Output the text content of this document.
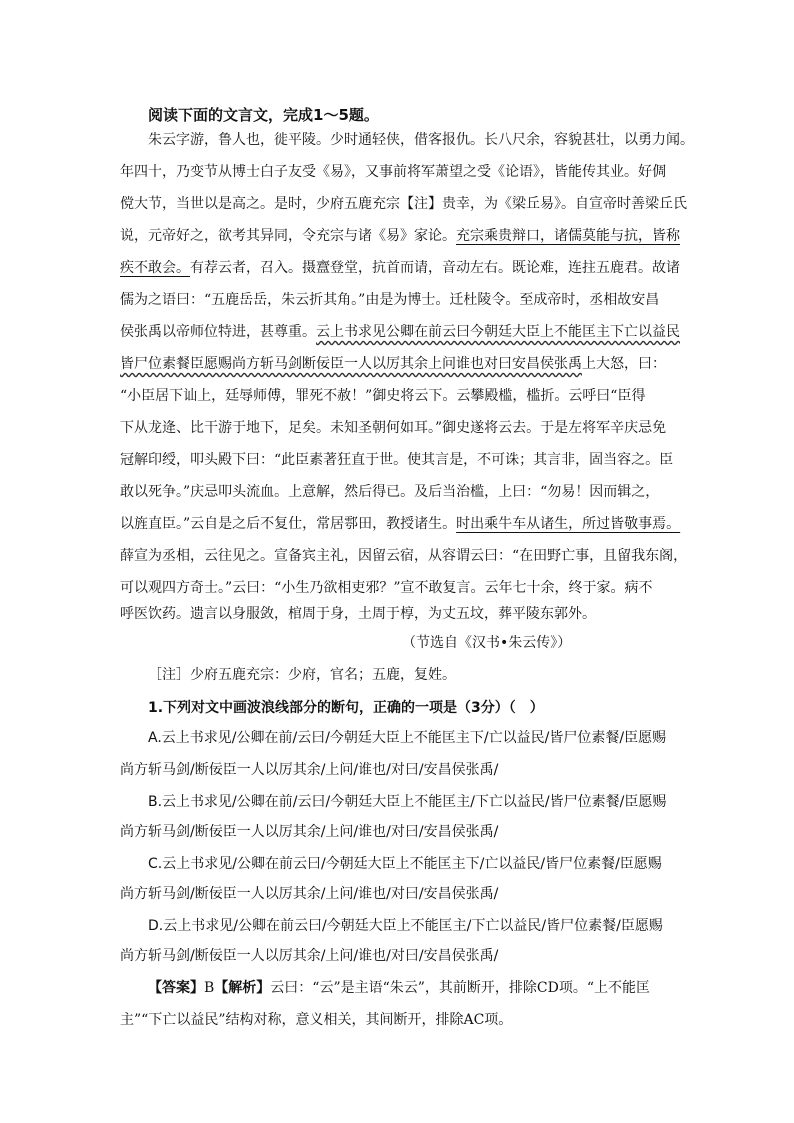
阅读下面的文言文，完成1～5题。
朱云字游，鲁人也，徙平陵。少时通轻侠，借客报仇。长八尺余，容貌甚壮，以勇力闻。
年四十，乃变节从博士白子友受《易》，又事前将军萧望之受《论语》，皆能传其业。好倜
傥大节，当世以是高之。是时，少府五鹿充宗【注】贵幸，为《梁丘易》。自宣帝时善梁丘氏
说，元帝好之，欲考其异同，令充宗与诸《易》家论。充宗乘贵辩口，诸儒莫能与抗，皆称
疾不敢会。有荐云者，召入。摄齍登堂，抗首而请，音动左右。既论难，连拄五鹿君。故诸
儒为之语曰：“五鹿岳岳，朱云折其角。”由是为博士。迁杜陵令。至成帝时，丞相故安昌
侯张禹以帝师位特进，甚尊重。云上书求见公卿在前云曰今朝廷大臣上不能匡主下亡以益民
皆尸位素餐臣愿赐尚方斩马剑断佞臣一人以厉其余上问谁也对曰安昌侯张禹上大怒，曰：
“小臣居下讪上，廷辱师傅，罪死不赦！”御史将云下。云攀殿槛，槛折。云呼曰“臣得
下从龙逄、比干游于地下，足矣。未知圣朝何如耳。”御史遂将云去。于是左将军辛庆忌免
冠解印绶，叩头殿下曰：“此臣素著狂直于世。使其言是，不可诛；其言非，固当容之。臣
敢以死争。”庆忌叩头流血。上意解，然后得已。及后当治槛，上曰：“勿易！因而辑之，
以旌直臣。”云自是之后不复仕，常居鄠田，教授诸生。时出乘牛车从诸生，所过皆敬事焉。
薛宣为丞相，云往见之。宣备宾主礼，因留云宿，从容谓云曰：“在田野亡事，且留我东阁，
可以观四方奇士。”云曰：“小生乃欲相吏邪？”宣不敢复言。云年七十余，终于家。病不
呼医饮药。遗言以身服敛，棺周于身，土周于椁，为丈五坟，葬平陵东郭外。
（节选自《汉书•朱云传》）
［注］少府五鹿充宗：少府，官名；五鹿，复姓。
1.下列对文中画波浪线部分的断句，正确的一项是（3分）（　）
A.云上书求见/公卿在前/云曰/今朝廷大臣上不能匡主下/亡以益民/皆尸位素餐/臣愿赐
尚方斩马剑/断佞臣一人以厉其余/上问/谁也/对曰/安昌侯张禹/
B.云上书求见/公卿在前/云曰/今朝廷大臣上不能匡主/下亡以益民/皆尸位素餐/臣愿赐
尚方斩马剑/断佞臣一人以厉其余/上问/谁也/对曰/安昌侯张禹/
C.云上书求见/公卿在前云曰/今朝廷大臣上不能匡主下/亡以益民/皆尸位素餐/臣愿赐
尚方斩马剑/断佞臣一人以厉其余/上问/谁也/对曰/安昌侯张禹/
D.云上书求见/公卿在前云曰/今朝廷大臣上不能匡主/下亡以益民/皆尸位素餐/臣愿赐
尚方斩马剑/断佞臣一人以厉其余/上问/谁也/对曰/安昌侯张禹/
【答案】B【解析】云曰：“云”是主语“朱云”，其前断开，排除CD项。“上不能匡
主”“下亡以益民”结构对称，意义相关，其间断开，排除AC项。
